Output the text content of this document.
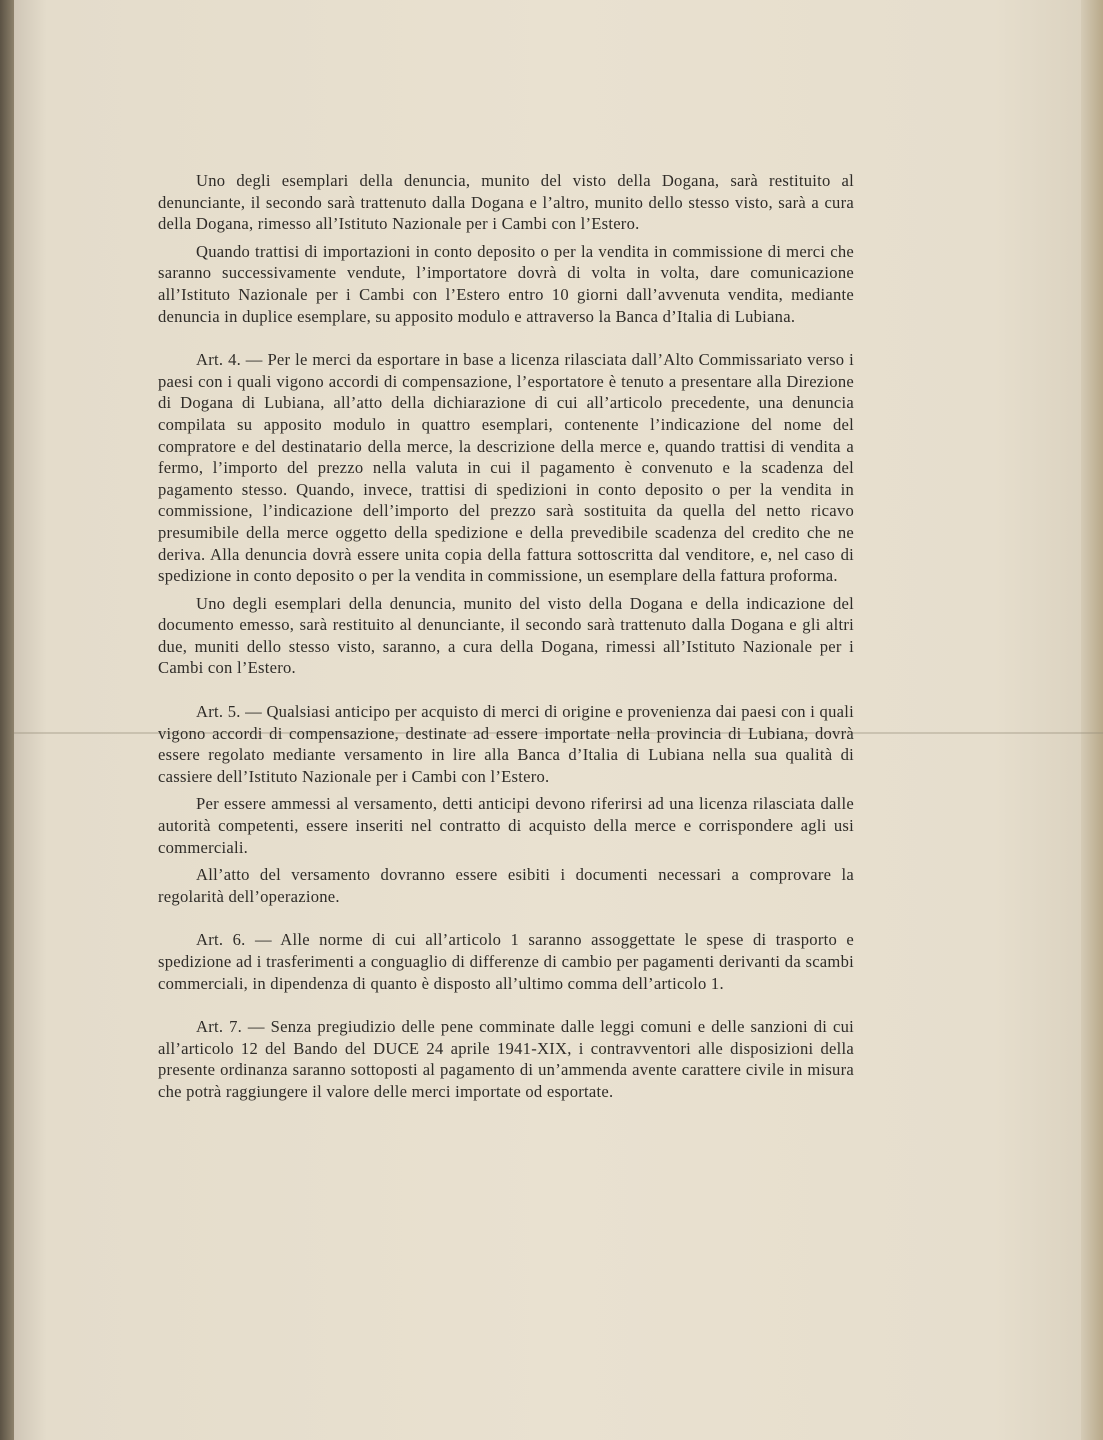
Uno degli esemplari della denuncia, munito del visto della Dogana, sarà restituito al denunciante, il secondo sarà trattenuto dalla Dogana e l’altro, munito dello stesso visto, sarà a cura della Dogana, rimesso all’Istituto Nazionale per i Cambi con l’Estero.

Quando trattisi di importazioni in conto deposito o per la vendita in commissione di merci che saranno successivamente vendute, l’importatore dovrà di volta in volta, dare comunicazione all’Istituto Nazionale per i Cambi con l’Estero entro 10 giorni dall’avvenuta vendita, mediante denuncia in duplice esemplare, su apposito modulo e attraverso la Banca d’Italia di Lubiana.

Art. 4. — Per le merci da esportare in base a licenza rilasciata dall’Alto Commissariato verso i paesi con i quali vigono accordi di compensazione, l’esportatore è tenuto a presentare alla Direzione di Dogana di Lubiana, all’atto della dichiarazione di cui all’articolo precedente, una denuncia compilata su apposito modulo in quattro esemplari, contenente l’indicazione del nome del compratore e del destinatario della merce, la descrizione della merce e, quando trattisi di vendita a fermo, l’importo del prezzo nella valuta in cui il pagamento è convenuto e la scadenza del pagamento stesso. Quando, invece, trattisi di spedizioni in conto deposito o per la vendita in commissione, l’indicazione dell’importo del prezzo sarà sostituita da quella del netto ricavo presumibile della merce oggetto della spedizione e della prevedibile scadenza del credito che ne deriva. Alla denuncia dovrà essere unita copia della fattura sottoscritta dal venditore, e, nel caso di spedizione in conto deposito o per la vendita in commissione, un esemplare della fattura proforma.

Uno degli esemplari della denuncia, munito del visto della Dogana e della indicazione del documento emesso, sarà restituito al denunciante, il secondo sarà trattenuto dalla Dogana e gli altri due, muniti dello stesso visto, saranno, a cura della Dogana, rimessi all’Istituto Nazionale per i Cambi con l’Estero.

Art. 5. — Qualsiasi anticipo per acquisto di merci di origine e provenienza dai paesi con i quali vigono accordi di compensazione, destinate ad essere importate nella provincia di Lubiana, dovrà essere regolato mediante versamento in lire alla Banca d’Italia di Lubiana nella sua qualità di cassiere dell’Istituto Nazionale per i Cambi con l’Estero.

Per essere ammessi al versamento, detti anticipi devono riferirsi ad una licenza rilasciata dalle autorità competenti, essere inseriti nel contratto di acquisto della merce e corrispondere agli usi commerciali.

All’atto del versamento dovranno essere esibiti i documenti necessari a comprovare la regolarità dell’operazione.

Art. 6. — Alle norme di cui all’articolo 1 saranno assoggettate le spese di trasporto e spedizione ad i trasferimenti a conguaglio di differenze di cambio per pagamenti derivanti da scambi commerciali, in dipendenza di quanto è disposto all’ultimo comma dell’articolo 1.

Art. 7. — Senza pregiudizio delle pene comminate dalle leggi comuni e delle sanzioni di cui all’articolo 12 del Bando del DUCE 24 aprile 1941-XIX, i contravventori alle disposizioni della presente ordinanza saranno sottoposti al pagamento di un’ammenda avente carattere civile in misura che potrà raggiungere il valore delle merci importate od esportate.
